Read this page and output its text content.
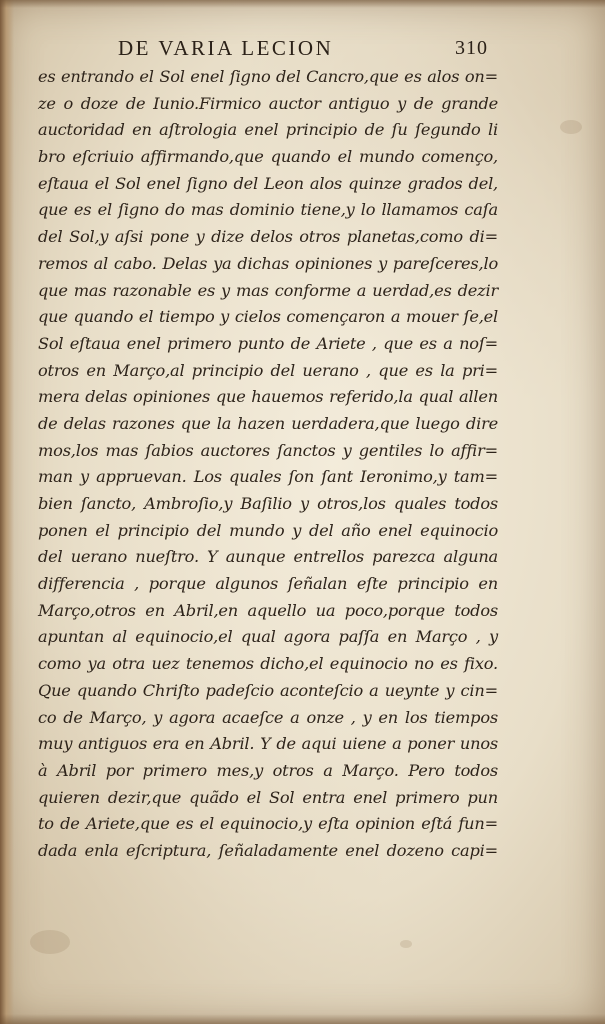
DE VARIA LECION	310
es entrando el Sol enel ſigno del Cancro,que es alos on=
ze o doze de Iunio.Firmico auctor antiguo y de grande
auctoridad en aſtrologia enel principio de ſu ſegundo li
bro eſcriuio affirmando,que quando el mundo començo,
eſtaua el Sol enel ſigno del Leon alos quinze grados del,
que es el ſigno do mas dominio tiene,y lo llamamos caſa
del Sol,y aſsi pone y dize delos otros planetas,como di=
remos al cabo. Delas ya dichas opiniones y pareſceres,lo
que mas razonable es y mas conforme a uerdad,es dezir
que quando el tiempo y cielos començaron a mouer ſe,el
Sol eſtaua enel primero punto de Ariete , que es a noſ=
otros en Março,al principio del uerano , que es la pri=
mera delas opiniones que hauemos referido,la qual allen
de delas razones que la hazen uerdadera,que luego dire
mos,los mas ſabios auctores ſanctos y gentiles lo affir=
man y appruevan. Los quales ſon ſant Ieronimo,y tam=
bien ſancto, Ambroſio,y Baſilio y otros,los quales todos
ponen el principio del mundo y del año enel equinocio
del uerano nueſtro. Y aunque entrellos parezca alguna
differencia , porque algunos ſeñalan eſte principio en
Março,otros en Abril,en aquello ua poco,porque todos
apuntan al equinocio,el qual agora paſſa en Março , y
como ya otra uez tenemos dicho,el equinocio no es fixo.
Que quando Chriſto padeſcio aconteſcio a ueynte y cin=
co de Março, y agora acaeſce a onze , y en los tiempos
muy antiguos era en Abril. Y de aqui uiene a poner unos
à Abril por primero mes,y otros a Março. Pero todos
quieren dezir,que quãdo el Sol entra enel primero pun
to de Ariete,que es el equinocio,y eſta opinion eſtá fun=
dada enla eſcriptura, ſeñaladamente enel dozeno capi=
